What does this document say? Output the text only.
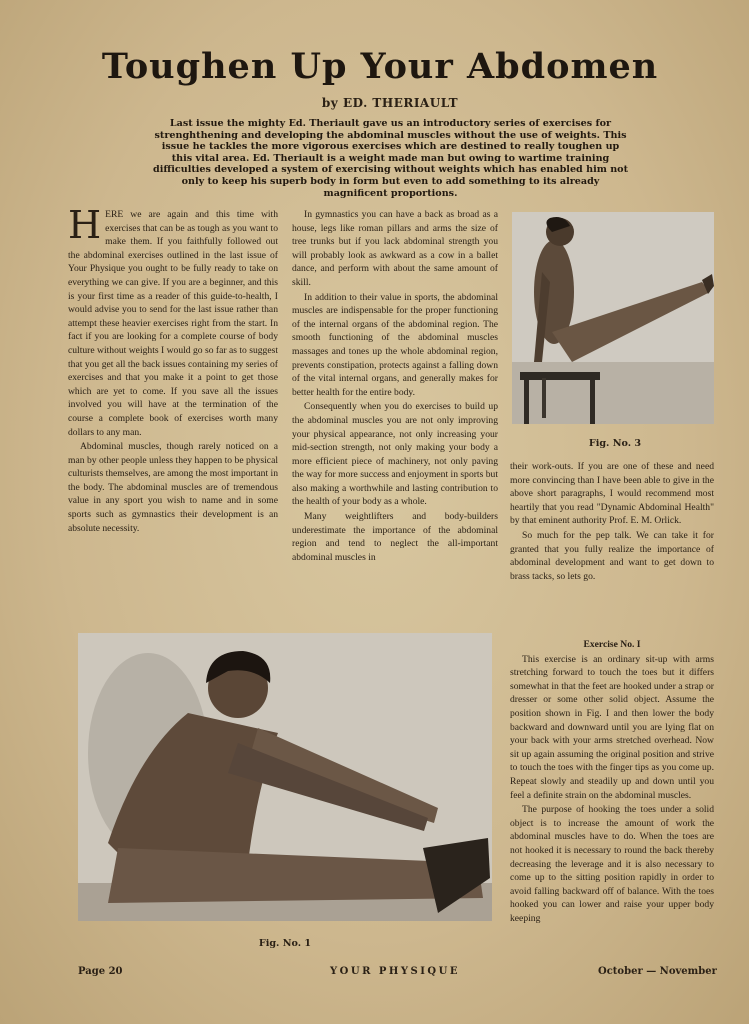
Toughen Up Your Abdomen
by ED. THERIAULT
Last issue the mighty Ed. Theriault gave us an introductory series of exercises for strenghthening and developing the abdominal muscles without the use of weights. This issue he tackles the more vigorous exercises which are destined to really toughen up this vital area. Ed. Theriault is a weight made man but owing to wartime training difficulties developed a system of exercising without weights which has enabled him not only to keep his superb body in form but even to add something to its already magnificent proportions.

HERE we are again and this time with exercises that can be as tough as you want to make them. If you faithfully followed out the abdominal exercises outlined in the last issue of Your Physique you ought to be fully ready to take on everything we can give. If you are a beginner, and this is your first time as a reader of this guide-to-health, I would advise you to send for the last issue rather than attempt these heavier exercises right from the start. In fact if you are looking for a complete course of body culture without weights I would go so far as to suggest that you get all the back issues containing my series of exercises and that you make it a point to get those which are yet to come. If you save all the issues involved you will have at the termination of the course a complete book of exercises worth many dollars to any man.

Abdominal muscles, though rarely noticed on a man by other people unless they happen to be physical culturists themselves, are among the most important in the body. The abdominal muscles are of tremendous value in any sport you wish to name and in some sports such as gymnastics their development is an absolute necessity.

In gymnastics you can have a back as broad as a house, legs like roman pillars and arms the size of tree trunks but if you lack abdominal strength you will probably look as awkward as a cow in a ballet dance, and perform with about the same amount of skill.

In addition to their value in sports, the abdominal muscles are indispensable for the proper functioning of the internal organs of the abdominal region. The smooth functioning of the abdominal muscles massages and tones up the whole abdominal region, prevents constipation, protects against a falling down of the vital internal organs, and generally makes for better health for the entire body.

Consequently when you do exercises to build up the abdominal muscles you are not only improving your physical appearance, not only increasing your mid-section strength, not only making your body a more efficient piece of machinery, not only paving the way for more success and enjoyment in sports but also making a worthwhile and lasting contribution to the health of your body as a whole.

Many weightlifters and body-builders underestimate the importance of the abdominal region and tend to neglect the all-important abdominal muscles in

Fig. No. 3

their work-outs. If you are one of these and need more convincing than I have been able to give in the above short paragraphs, I would recommend most heartily that you read "Dynamic Abdominal Health" by that eminent authority Prof. E. M. Orlick.

So much for the pep talk. We can take it for granted that you fully realize the importance of abdominal development and want to get down to brass tacks, so lets go.

Exercise No. I

This exercise is an ordinary sit-up with arms stretching forward to touch the toes but it differs somewhat in that the feet are hooked under a strap or dresser or some other solid object. Assume the position shown in Fig. I and then lower the body backward and downward until you are lying flat on your back with your arms stretched overhead. Now sit up again assuming the original position and strive to touch the toes with the finger tips as you come up. Repeat slowly and steadily up and down until you feel a definite strain on the abdominal muscles.

The purpose of hooking the toes under a solid object is to increase the amount of work the abdominal muscles have to do. When the toes are not hooked it is necessary to round the back thereby decreasing the leverage and it is also necessary to come up to the sitting position rapidly in order to avoid falling backward off of balance. With the toes hooked you can lower and raise your upper body keeping

Fig. No. 1
Page 20	YOUR PHYSIQUE	October — November
